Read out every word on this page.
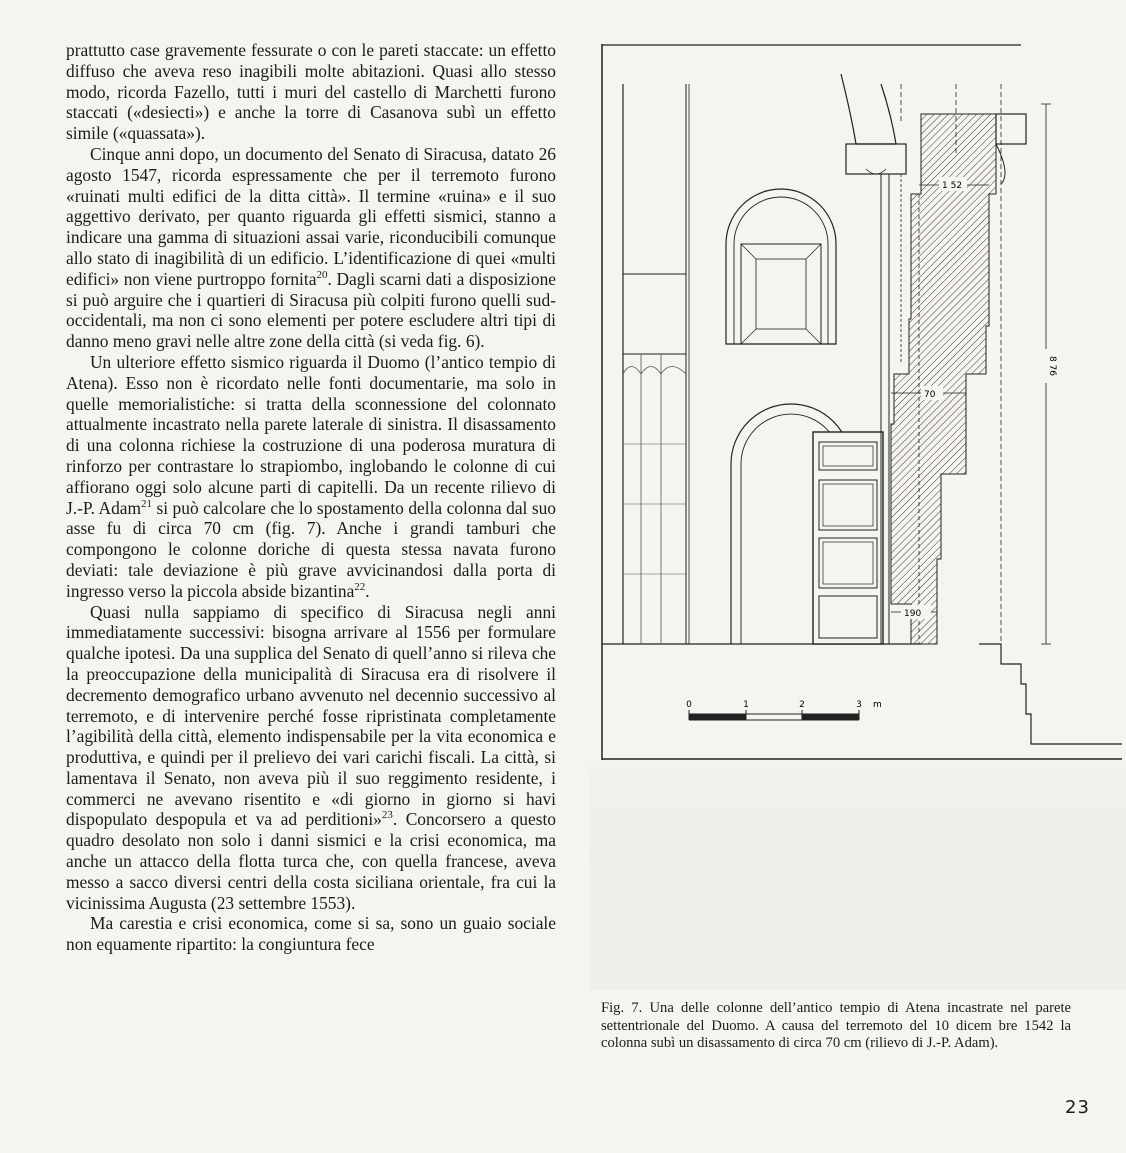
prattutto case gravemente fessurate o con le pareti staccate: un effetto diffuso che aveva reso inagibili molte abitazioni. Quasi allo stesso modo, ricorda Fazello, tutti i muri del castello di Marchetti furono staccati («desiecti») e anche la torre di Casanova subì un effetto simile («quassata»).

Cinque anni dopo, un documento del Senato di Siracusa, datato 26 agosto 1547, ricorda espressamente che per il terremoto furono «ruinati multi edifici de la ditta città». Il termine «ruina» e il suo aggettivo derivato, per quanto riguarda gli effetti sismici, stanno a indicare una gamma di situazioni assai varie, riconducibili comunque allo stato di inagibilità di un edificio. L’identificazione di quei «multi edifici» non viene purtroppo fornita$^{20}$. Dagli scarni dati a disposizione si può arguire che i quartieri di Siracusa più colpiti furono quelli sud-occidentali, ma non ci sono elementi per potere escludere altri tipi di danno meno gravi nelle altre zone della città (si veda fig. 6).

Un ulteriore effetto sismico riguarda il Duomo (l’antico tempio di Atena). Esso non è ricordato nelle fonti documentarie, ma solo in quelle memorialistiche: si tratta della sconnessione del colonnato attualmente incastrato nella parete laterale di sinistra. Il disassamento di una colonna richiese la costruzione di una poderosa muratura di rinforzo per contrastare lo strapiombo, inglobando le colonne di cui affiorano oggi solo alcune parti di capitelli. Da un recente rilievo di J.-P. Adam$^{21}$ si può calcolare che lo spostamento della colonna dal suo asse fu di circa 70 cm (fig. 7). Anche i grandi tamburi che compongono le colonne doriche di questa stessa navata furono deviati: tale deviazione è più grave avvicinandosi dalla porta di ingresso verso la piccola abside bizantina$^{22}$.

Quasi nulla sappiamo di specifico di Siracusa negli anni immediatamente successivi: bisogna arrivare al 1556 per formulare qualche ipotesi. Da una supplica del Senato di quell’anno si rileva che la preoccupazione della municipalità di Siracusa era di risolvere il decremento demografico urbano avvenuto nel decennio successivo al terremoto, e di intervenire perché fosse ripristinata completamente l’agibilità della città, elemento indispensabile per la vita economica e produttiva, e quindi per il prelievo dei vari carichi fiscali. La città, si lamentava il Senato, non aveva più il suo reggimento residente, i commerci ne avevano risentito e «di giorno in giorno si havi dispopulato despopula et va ad perditioni»$^{23}$. Concorsero a questo quadro desolato non solo i danni sismici e la crisi economica, ma anche un attacco della flotta turca che, con quella francese, aveva messo a sacco diversi centri della costa siciliana orientale, fra cui la vicinissima Augusta (23 settembre 1553).

Ma carestia e crisi economica, come si sa, sono un guaio sociale non equamente ripartito: la congiuntura fece

1 52
70
190
8 76
0	1	2	3 m
Fig. 7. Una delle colonne dell’antico tempio di Atena incastrate nel parete settentrionale del Duomo. A causa del terremoto del 10 dicem bre 1542 la colonna subì un disassamento di circa 70 cm (rilievo di J.-P. Adam).
23
